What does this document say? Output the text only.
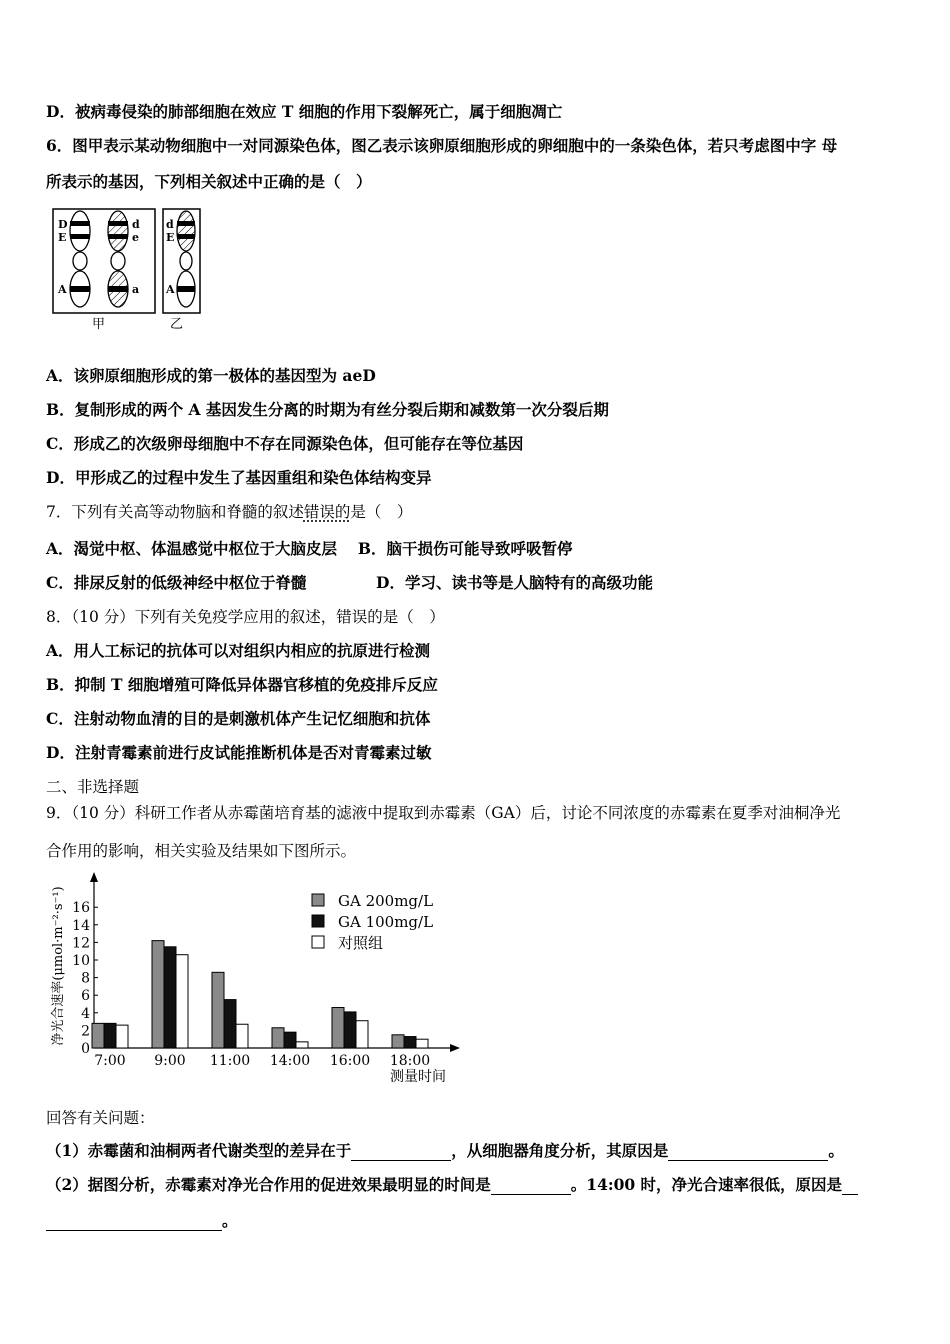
D．被病毒侵染的肺部细胞在效应 T 细胞的作用下裂解死亡，属于细胞凋亡
6．图甲表示某动物细胞中一对同源染色体，图乙表示该卵原细胞形成的卵细胞中的一条染色体，若只考虑图中字 母
所表示的基因，下列相关叙述中正确的是（　）
D
E
A
d
e
a
d
E
A
甲	乙
A．该卵原细胞形成的第一极体的基因型为 aeD
B．复制形成的两个 A 基因发生分离的时期为有丝分裂后期和减数第一次分裂后期
C．形成乙的次级卵母细胞中不存在同源染色体，但可能存在等位基因
D．甲形成乙的过程中发生了基因重组和染色体结构变异
7．下列有关高等动物脑和脊髓的叙述错误的是（　）
A．渴觉中枢、体温感觉中枢位于大脑皮层　 B．脑干损伤可能导致呼吸暂停
C．排尿反射的低级神经中枢位于脊髓	D．学习、读书等是人脑特有的高级功能
8．（10 分）下列有关免疫学应用的叙述，错误的是（　）
A．用人工标记的抗体可以对组织内相应的抗原进行检测
B．抑制 T 细胞增殖可降低异体器官移植的免疫排斥反应
C．注射动物血清的目的是刺激机体产生记忆细胞和抗体
D．注射青霉素前进行皮试能推断机体是否对青霉素过敏
二、非选择题
9．（10 分）科研工作者从赤霉菌培育基的滤液中提取到赤霉素（GA）后，讨论不同浓度的赤霉素在夏季对油桐净光
合作用的影响，相关实验及结果如下图所示。
0
2
4
6
8
10
12
14
16
7:00 9:00 11:00 14:00 16:00 18:00
净光合速率(μmol·m⁻²·s⁻¹)
测量时间
GA 200mg/L
GA 100mg/L
对照组
回答有关问题：
（1）赤霉菌和油桐两者代谢类型的差异在于	，从细胞器角度分析，其原因是	。
（2）据图分析，赤霉素对净光合作用的促进效果最明显的时间是	。14:00 时，净光合速率很低，原因是
。
